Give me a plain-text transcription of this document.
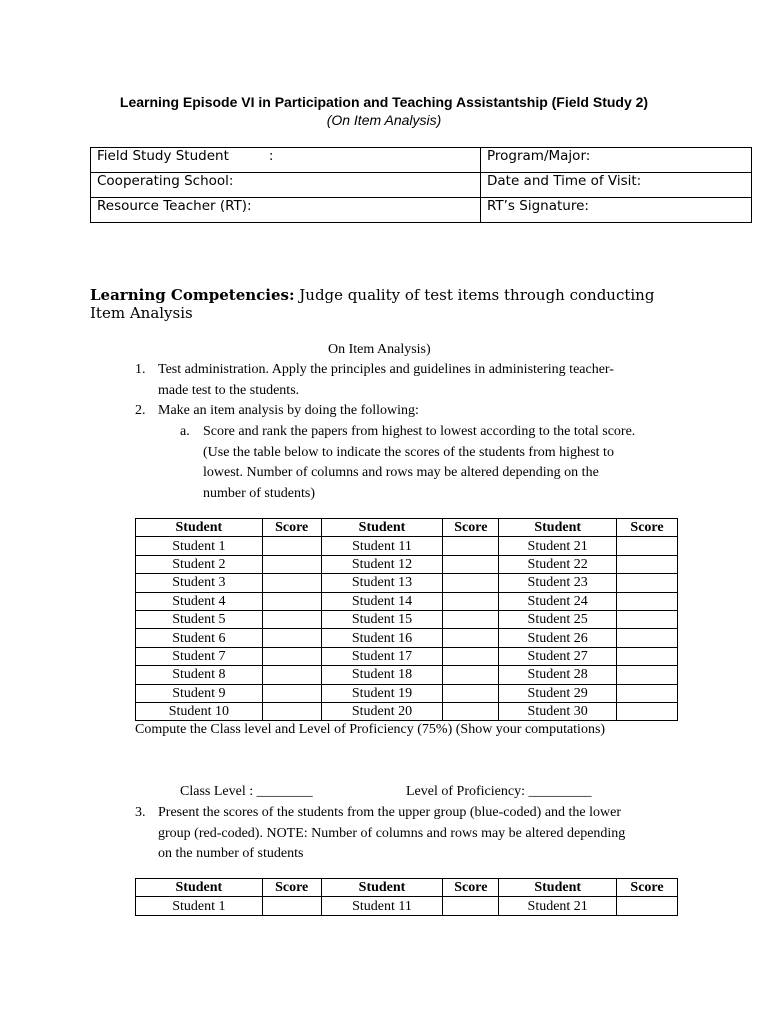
Learning Episode VI in Participation and Teaching Assistantship (Field Study 2)
(On Item Analysis)
Field Study Student :	Program/Major:
Cooperating School:	Date and Time of Visit:
Resource Teacher (RT):	RT’s Signature:
Learning Competencies: Judge quality of test items through conducting Item Analysis
On Item Analysis)
1. Test administration. Apply the principles and guidelines in administering teacher-
made test to the students.
2. Make an item analysis by doing the following:
a. Score and rank the papers from highest to lowest according to the total score.
(Use the table below to indicate the scores of the students from highest to
lowest. Number of columns and rows may be altered depending on the
number of students)
Student	Score	Student	Score	Student	Score
Student 1		Student 11		Student 21	
Student 2		Student 12		Student 22	
Student 3		Student 13		Student 23	
Student 4		Student 14		Student 24	
Student 5		Student 15		Student 25	
Student 6		Student 16		Student 26	
Student 7		Student 17		Student 27	
Student 8		Student 18		Student 28	
Student 9		Student 19		Student 29	
Student 10		Student 20		Student 30	
Compute the Class level and Level of Proficiency (75%) (Show your computations)
Class Level : ________	Level of Proficiency: _________
3. Present the scores of the students from the upper group (blue-coded) and the lower
group (red-coded). NOTE: Number of columns and rows may be altered depending
on the number of students
Student	Score	Student	Score	Student	Score
Student 1		Student 11		Student 21	
